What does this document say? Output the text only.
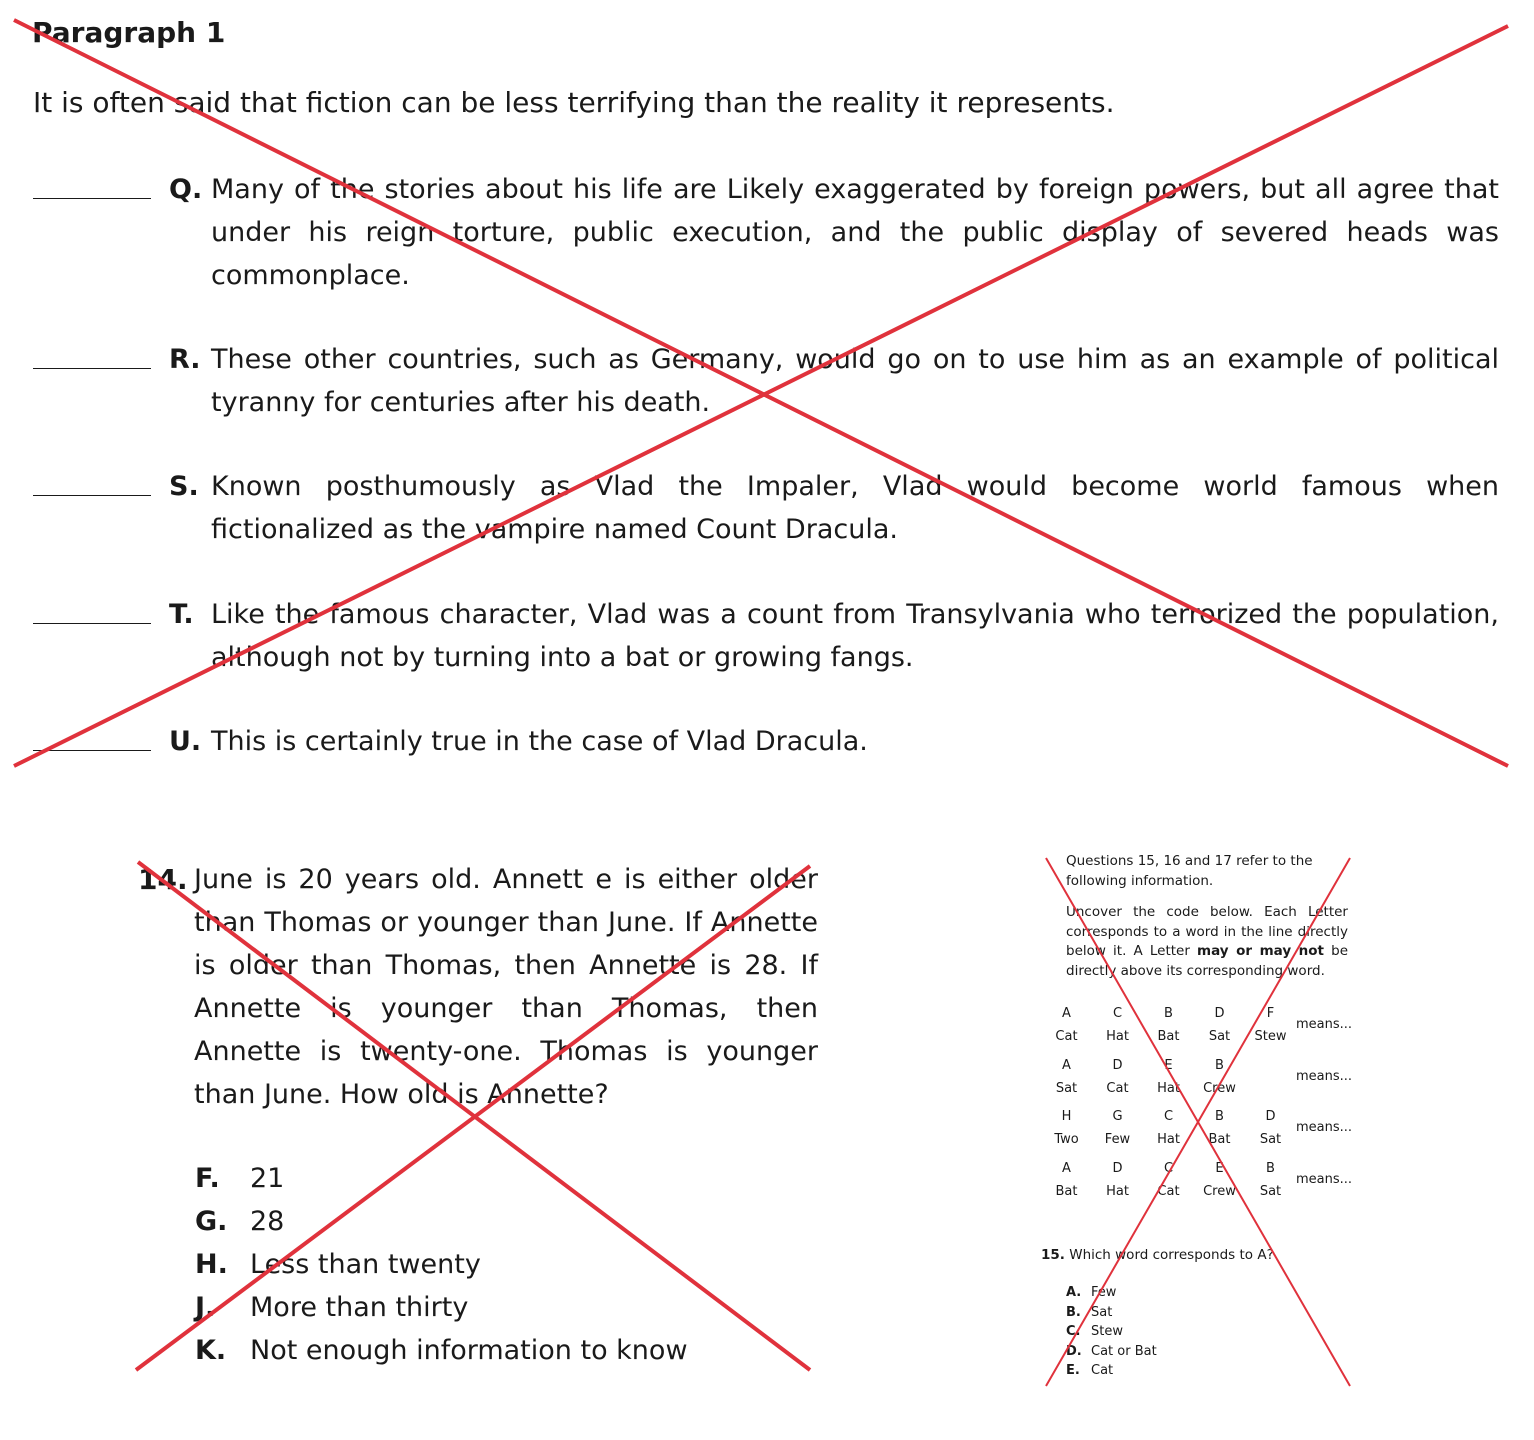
Paragraph 1

It is often said that fiction can be less terrifying than the reality it represents.

Q. Many of the stories about his life are Likely exaggerated by foreign powers, but all agree that under his reign torture, public execution, and the public display of severed heads was commonplace.
R. These other countries, such as Germany, would go on to use him as an example of political tyranny for centuries after his death.
S. Known posthumously as Vlad the Impaler, Vlad would become world famous when fictionalized as the vampire named Count Dracula.
T. Like the famous character, Vlad was a count from Transylvania who terrorized the population, although not by turning into a bat or growing fangs.
U. This is certainly true in the case of Vlad Dracula.
14. June is 20 years old. Annett e is either older than Thomas or younger than June. If Annette is older than Thomas, then Annette is 28. If Annette is younger than Thomas, then Annette is twenty-one. Thomas is younger than June. How old is Annette?
F.	21
G. 28
H. Less than twenty
J.	More than thirty
K. Not enough information to know

Questions 15, 16 and 17 refer to the following information.

Uncover the code below. Each Letter corresponds to a word in the line directly below it. A Letter may or may not be directly above its corresponding word.

A
Cat
C
Hat
B
Bat
D
Sat
F
Stew
means...
A
Sat
D
Cat
E
Hat
B
Crew
means...
H
Two
G
Few
C
Hat
B
Bat
D
Sat
means...
A
Bat
D
Hat
C
Cat
E
Crew
B
Sat
means...

15. Which word corresponds to A?

A. Few
B. Sat
C. Stew
D. Cat or Bat
E. Cat
